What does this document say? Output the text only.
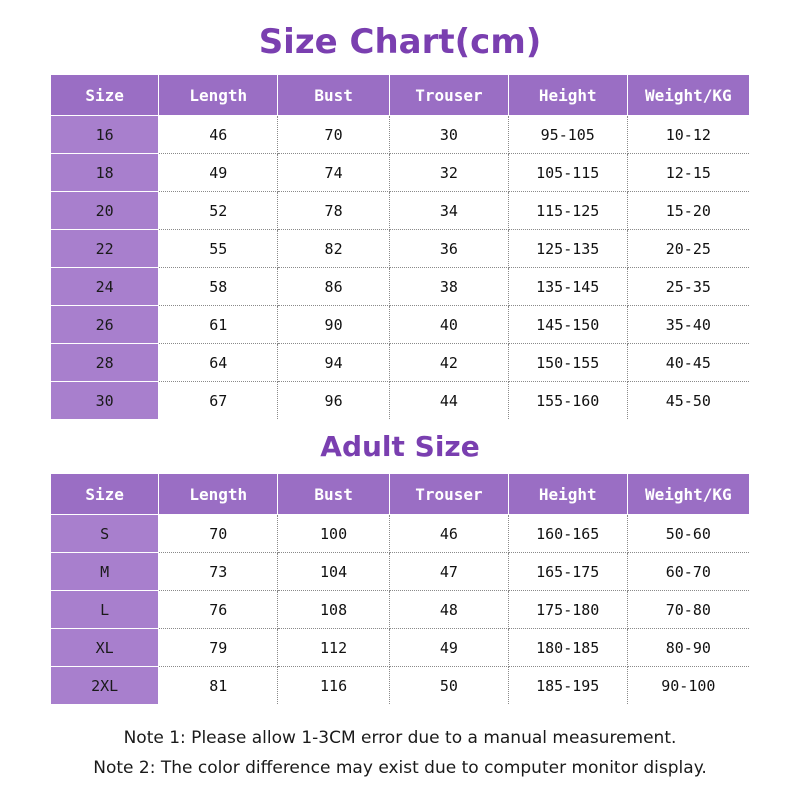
Size Chart(cm)
Size	Length	Bust	Trouser	Height	Weight/KG
16	46	70	30	95-105	10-12
18	49	74	32	105-115	12-15
20	52	78	34	115-125	15-20
22	55	82	36	125-135	20-25
24	58	86	38	135-145	25-35
26	61	90	40	145-150	35-40
28	64	94	42	150-155	40-45
30	67	96	44	155-160	45-50
Adult Size
Size	Length	Bust	Trouser	Height	Weight/KG
S	70	100	46	160-165	50-60
M	73	104	47	165-175	60-70
L	76	108	48	175-180	70-80
XL	79	112	49	180-185	80-90
2XL	81	116	50	185-195	90-100
Note 1: Please allow 1-3CM error due to a manual measurement.
Note 2: The color difference may exist due to computer monitor display.
